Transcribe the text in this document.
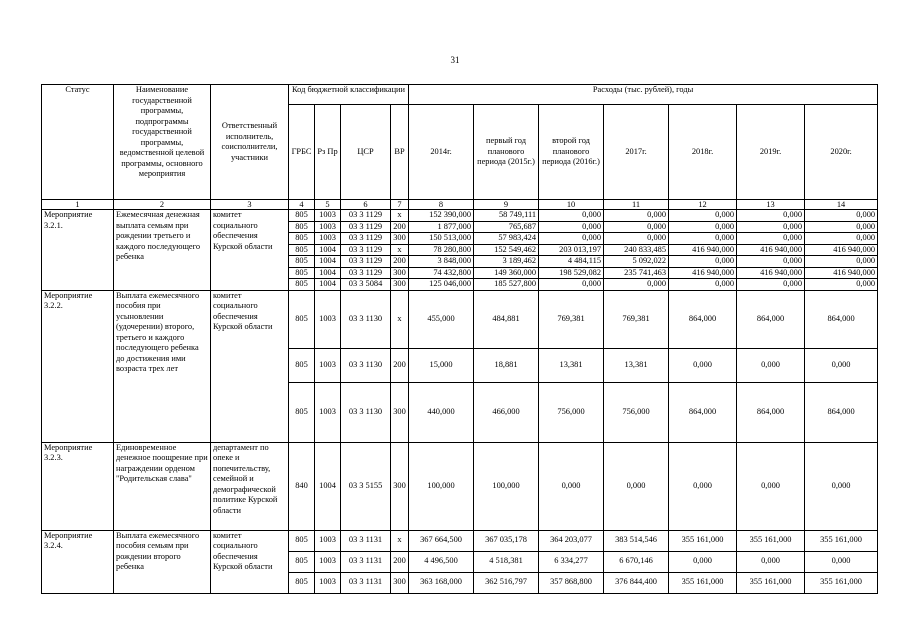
31
Статус	Наименование государственной программы, подпрограммы государственной программы, ведомственной целевой программы, основного мероприятия	Ответственный исполнитель, соисполнители, участники	Код бюджетной классификации				Расходы (тыс. рублей), годы						
			ГРБС	Рз Пр	ЦСР	ВР	2014г.	первый год планового периода (2015г.)	второй год планового периода (2016г.)	2017г.	2018г.	2019г.	2020г.
1	2	3	4	5	6	7	8	9	10	11	12	13	14
Мероприятие 3.2.1.	Ежемесячная денежная выплата семьям при рождении третьего и каждого последующего ребенка	комитет социального обеспечения Курской области	805	1003	03 3 1129	x	152 390,000	58 749,111	0,000	0,000	0,000	0,000	0,000
			805	1003	03 3 1129	200	1 877,000	765,687	0,000	0,000	0,000	0,000	0,000
			805	1003	03 3 1129	300	150 513,000	57 983,424	0,000	0,000	0,000	0,000	0,000
			805	1004	03 3 1129	x	78 280,800	152 549,462	203 013,197	240 833,485	416 940,000	416 940,000	416 940,000
			805	1004	03 3 1129	200	3 848,000	3 189,462	4 484,115	5 092,022	0,000	0,000	0,000
			805	1004	03 3 1129	300	74 432,800	149 360,000	198 529,082	235 741,463	416 940,000	416 940,000	416 940,000
			805	1004	03 3 5084	300	125 046,000	185 527,800	0,000	0,000	0,000	0,000	0,000
Мероприятие 3.2.2.	Выплата ежемесячного пособия при усыновлении (удочерении) второго, третьего и каждого последующего ребенка до достижения ими возраста трех лет	комитет социального обеспечения Курской области	805	1003	03 3 1130	x	455,000	484,881	769,381	769,381	864,000	864,000	864,000
			805	1003	03 3 1130	200	15,000	18,881	13,381	13,381	0,000	0,000	0,000
			805	1003	03 3 1130	300	440,000	466,000	756,000	756,000	864,000	864,000	864,000
Мероприятие 3.2.3.	Единовременное денежное поощрение при награждении орденом "Родительская слава"	департамент по опеке и попечительству, семейной и демографической политике Курской области	840	1004	03 3 5155	300	100,000	100,000	0,000	0,000	0,000	0,000	0,000
Мероприятие 3.2.4.	Выплата ежемесячного пособия семьям при рождении второго ребенка	комитет социального обеспечения Курской области	805	1003	03 3 1131	x	367 664,500	367 035,178	364 203,077	383 514,546	355 161,000	355 161,000	355 161,000
			805	1003	03 3 1131	200	4 496,500	4 518,381	6 334,277	6 670,146	0,000	0,000	0,000
			805	1003	03 3 1131	300	363 168,000	362 516,797	357 868,800	376 844,400	355 161,000	355 161,000	355 161,000
